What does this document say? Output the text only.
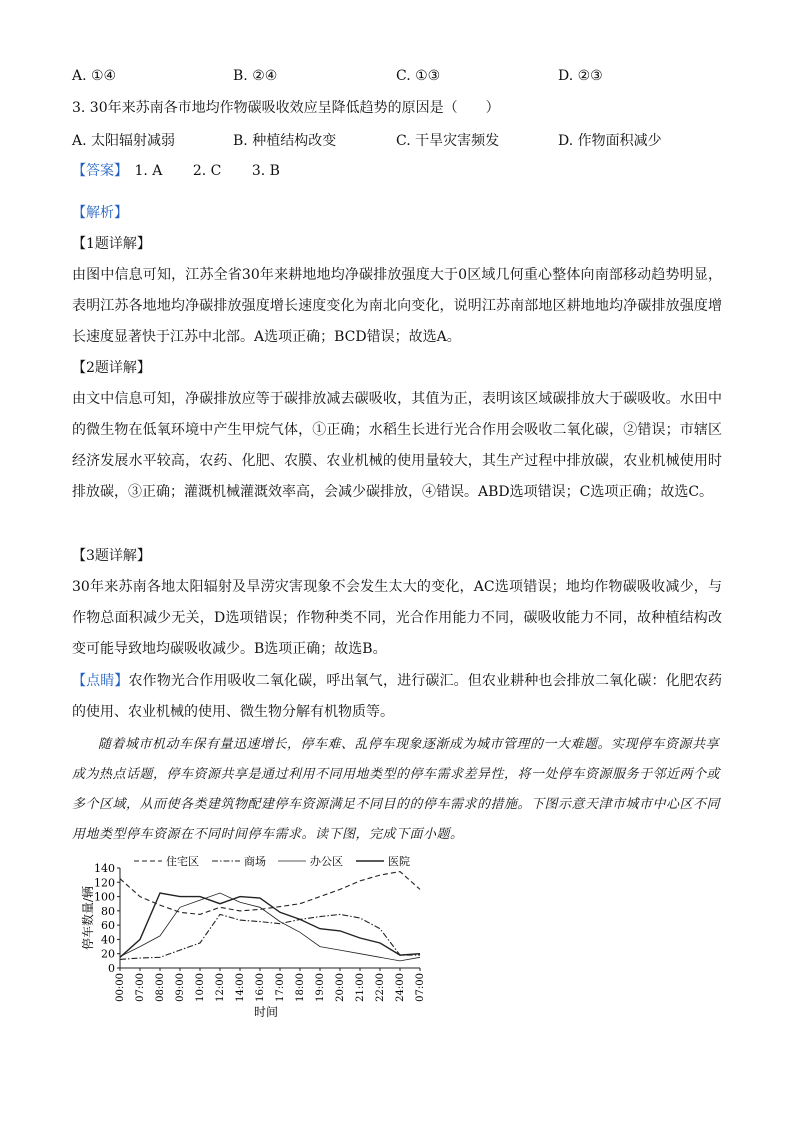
A. ①④	B. ②④	C. ①③	D. ②③
3. 30年来苏南各市地均作物碳吸收效应呈降低趋势的原因是（　　）
A. 太阳辐射减弱	B. 种植结构改变	C. 干旱灾害频发	D. 作物面积减少
【答案】 1. A 2. C 3. B
【解析】
【1题详解】
由图中信息可知，江苏全省30年来耕地地均净碳排放强度大于0区域几何重心整体向南部移动趋势明显，表明江苏各地地均净碳排放强度增长速度变化为南北向变化，说明江苏南部地区耕地地均净碳排放强度增长速度显著快于江苏中北部。A选项正确；BCD错误；故选A。
【2题详解】
由文中信息可知，净碳排放应等于碳排放减去碳吸收，其值为正，表明该区域碳排放大于碳吸收。水田中的微生物在低氧环境中产生甲烷气体，①正确；水稻生长进行光合作用会吸收二氧化碳，②错误；市辖区经济发展水平较高，农药、化肥、农膜、农业机械的使用量较大，其生产过程中排放碳，农业机械使用时排放碳，③正确；灌溉机械灌溉效率高，会减少碳排放，④错误。ABD选项错误；C选项正确；故选C。
【3题详解】
30年来苏南各地太阳辐射及旱涝灾害现象不会发生太大的变化，AC选项错误；地均作物碳吸收减少，与作物总面积减少无关，D选项错误；作物种类不同，光合作用能力不同，碳吸收能力不同，故种植结构改变可能导致地均碳吸收减少。B选项正确；故选B。
【点睛】农作物光合作用吸收二氧化碳，呼出氧气，进行碳汇。但农业耕种也会排放二氧化碳：化肥农药的使用、农业机械的使用、微生物分解有机物质等。
随着城市机动车保有量迅速增长，停车难、乱停车现象逐渐成为城市管理的一大难题。实现停车资源共享成为热点话题，停车资源共享是通过利用不同用地类型的停车需求差异性，将一处停车资源服务于邻近两个或多个区域，从而使各类建筑物配建停车资源满足不同目的的停车需求的措施。下图示意天津市城市中心区不同用地类型停车资源在不同时间停车需求。读下图，完成下面小题。
0
20
40
60
80
100
120
140
00:00 07:00 08:00 09:00 10:00 12:00 14:00 16:00 17:00 18:00 19:00 20:00 21:00 22:00 24:00 07:00
住宅区	商场	办公区	医院
停车数量/辆
时间
